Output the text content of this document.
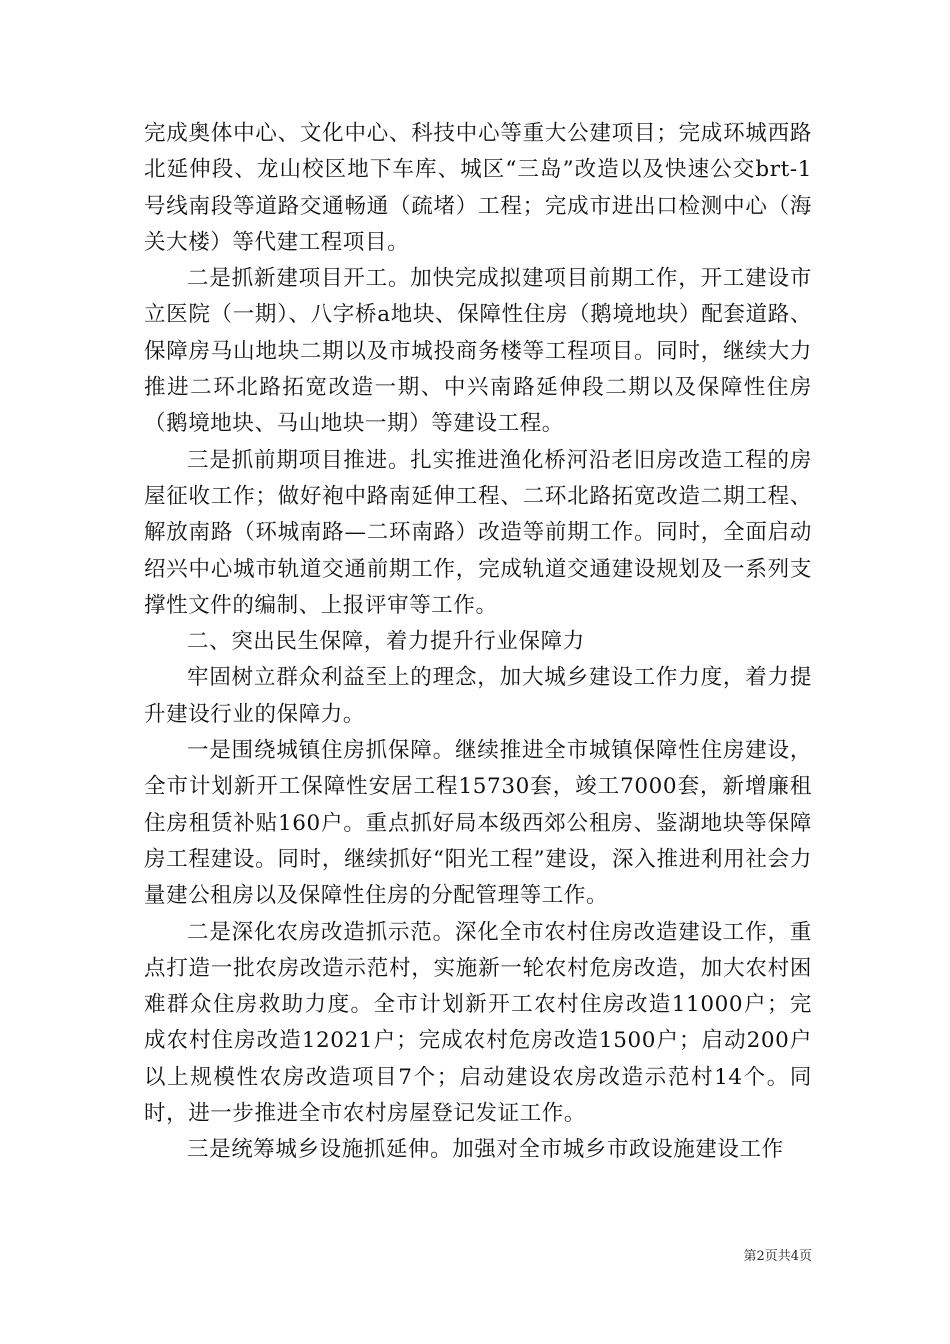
完成奥体中心、文化中心、科技中心等重大公建项目；完成环城西路北延伸段、龙山校区地下车库、城区“三岛”改造以及快速公交brt-1号线南段等道路交通畅通（疏堵）工程；完成市进出口检测中心（海关大楼）等代建工程项目。

二是抓新建项目开工。加快完成拟建项目前期工作，开工建设市立医院（一期）、八字桥a地块、保障性住房（鹅境地块）配套道路、保障房马山地块二期以及市城投商务楼等工程项目。同时，继续大力推进二环北路拓宽改造一期、中兴南路延伸段二期以及保障性住房（鹅境地块、马山地块一期）等建设工程。

三是抓前期项目推进。扎实推进渔化桥河沿老旧房改造工程的房屋征收工作；做好袍中路南延伸工程、二环北路拓宽改造二期工程、解放南路（环城南路—二环南路）改造等前期工作。同时，全面启动绍兴中心城市轨道交通前期工作，完成轨道交通建设规划及一系列支撑性文件的编制、上报评审等工作。

二、突出民生保障，着力提升行业保障力

牢固树立群众利益至上的理念，加大城乡建设工作力度，着力提升建设行业的保障力。

一是围绕城镇住房抓保障。继续推进全市城镇保障性住房建设，全市计划新开工保障性安居工程15730套，竣工7000套，新增廉租住房租赁补贴160户。重点抓好局本级西郊公租房、鉴湖地块等保障房工程建设。同时，继续抓好“阳光工程”建设，深入推进利用社会力量建公租房以及保障性住房的分配管理等工作。

二是深化农房改造抓示范。深化全市农村住房改造建设工作，重点打造一批农房改造示范村，实施新一轮农村危房改造，加大农村困难群众住房救助力度。全市计划新开工农村住房改造11000户；完成农村住房改造12021户；完成农村危房改造1500户；启动200户以上规模性农房改造项目7个；启动建设农房改造示范村14个。同时，进一步推进全市农村房屋登记发证工作。

三是统筹城乡设施抓延伸。加强对全市城乡市政设施建设工作

第2页共4页
